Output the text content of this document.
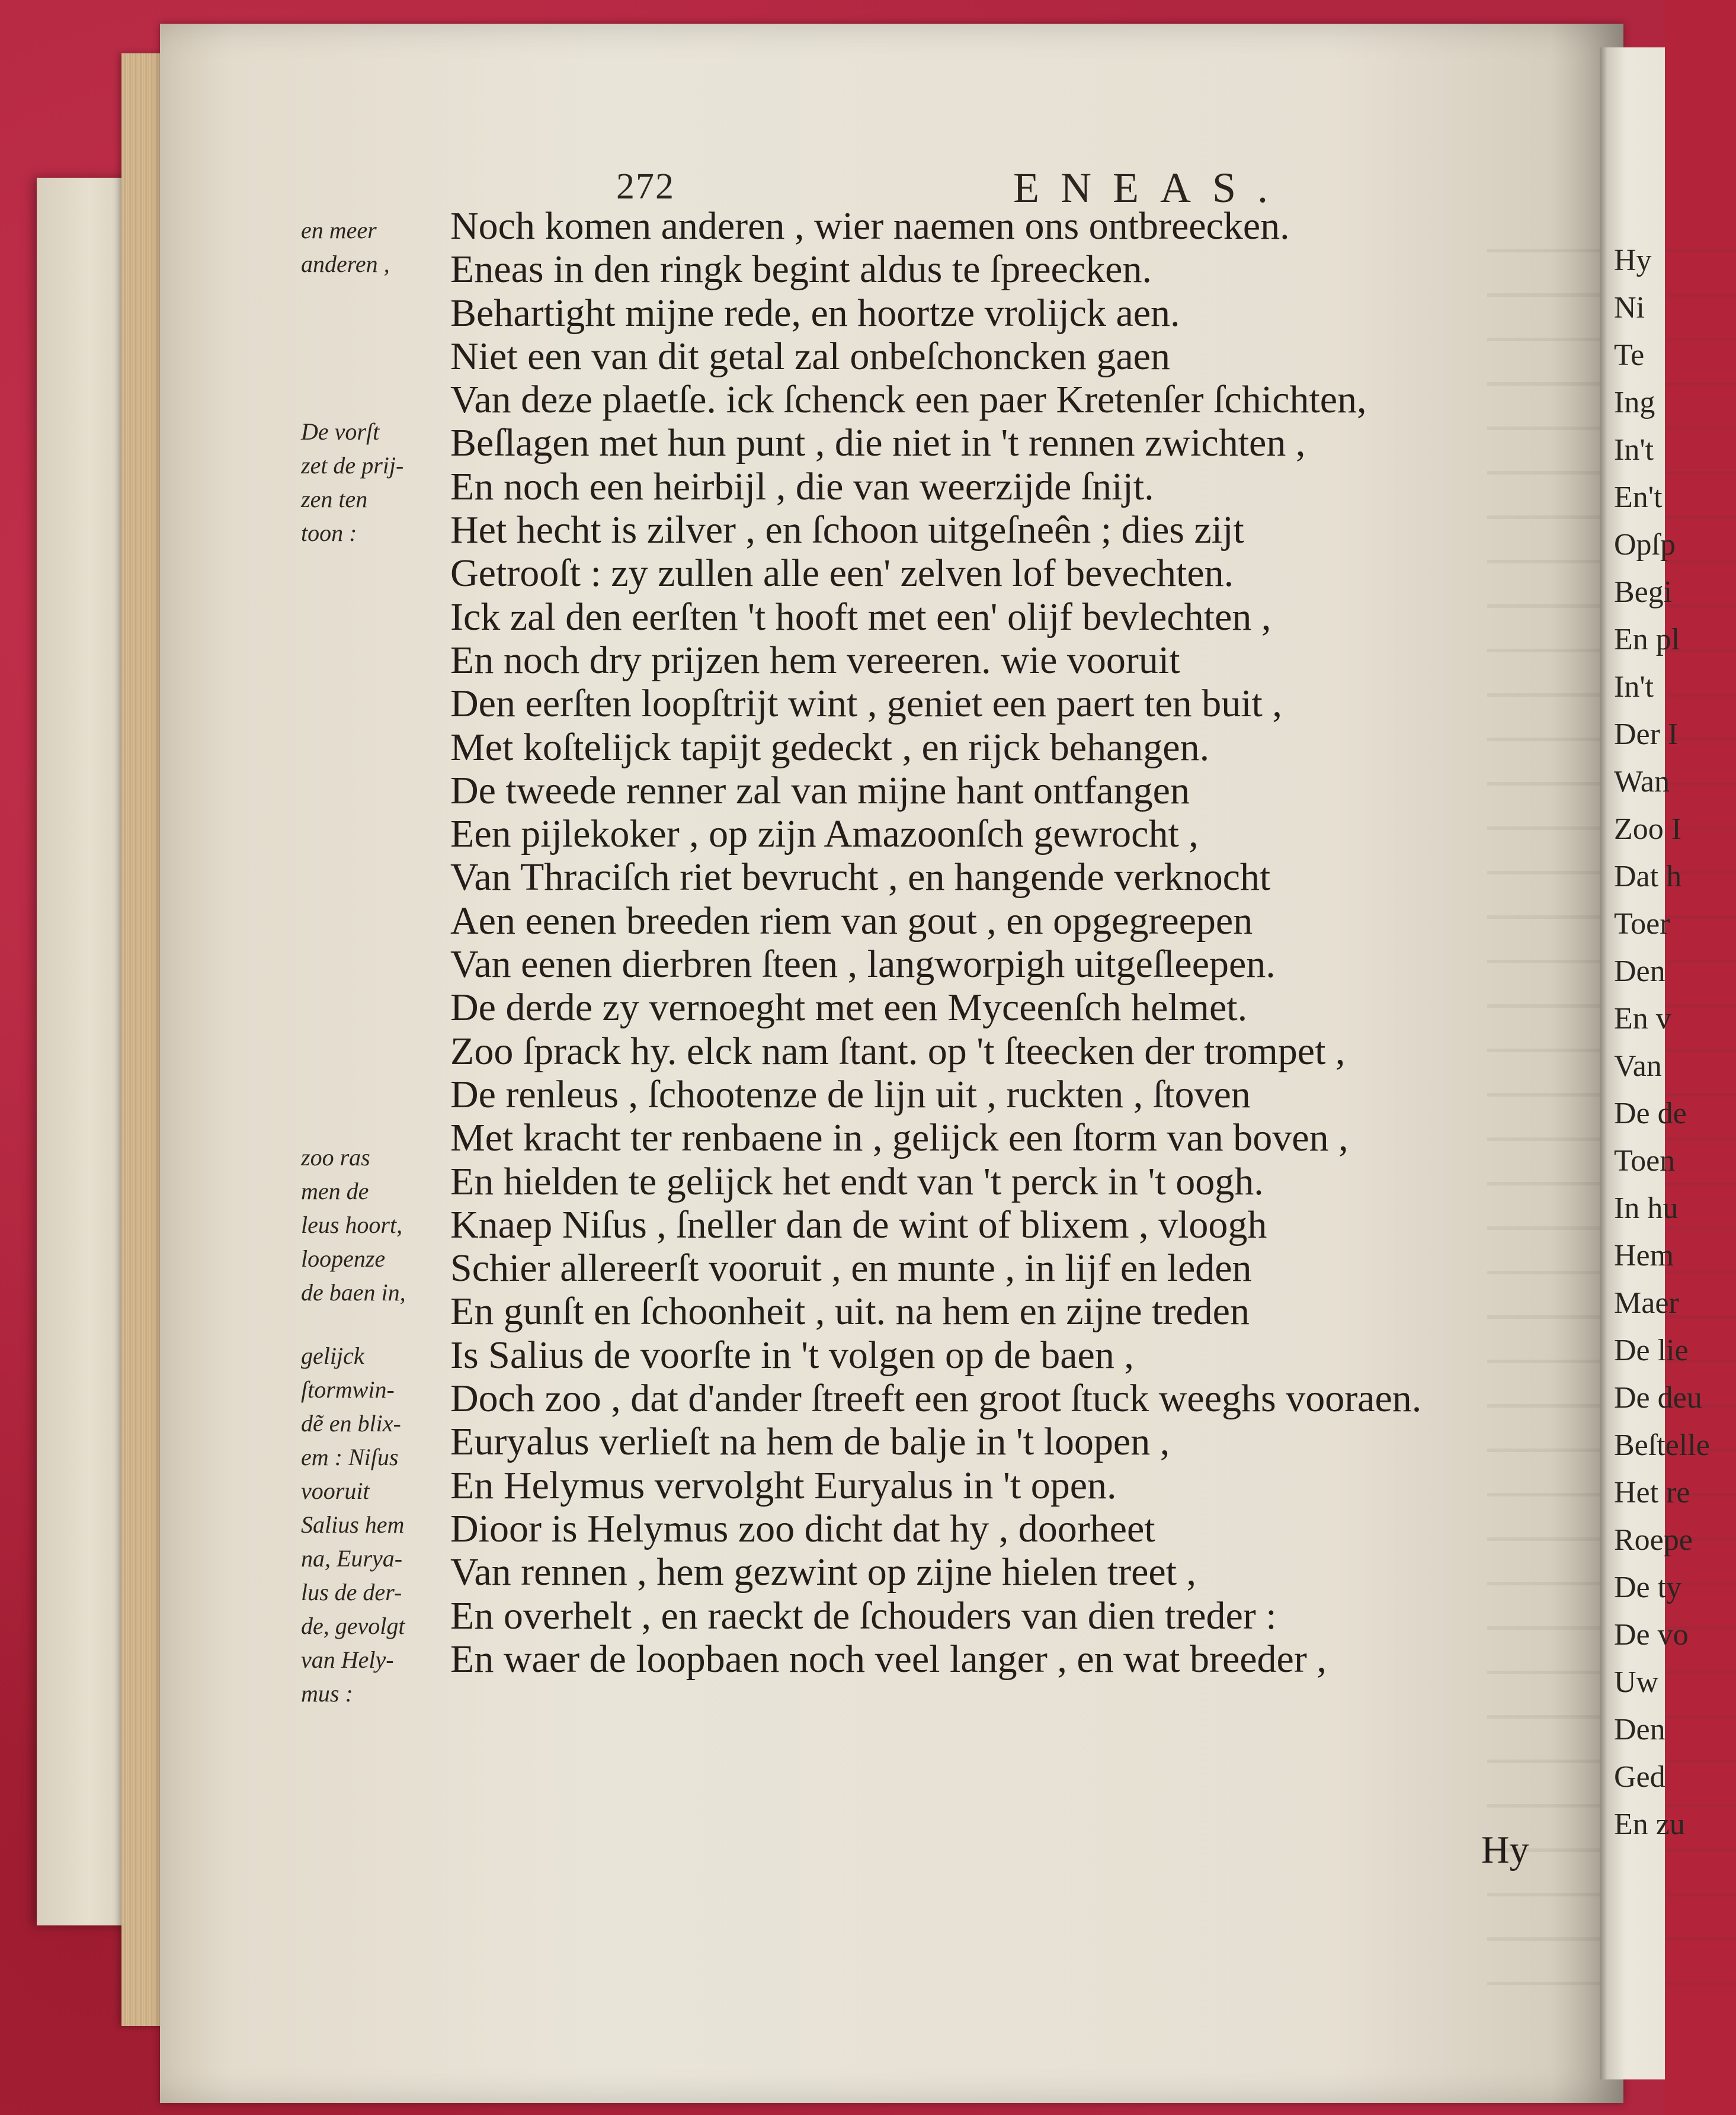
272	ENEAS.
en meer
anderen ,
De vorſt
zet de prij-
zen ten
toon :
zoo ras
men de
leus hoort,
loopenze
de baen in,
gelijck
ſtormwin-
dẽ en blix-
em : Niſus
vooruit
Salius hem
na, Eurya-
lus de der-
de, gevolgt
van Hely-
mus :
Noch komen anderen , wier naemen ons ontbreecken.
Eneas in den ringk begint aldus te ſpreecken.
Behartight mijne rede, en hoortze vrolijck aen.
Niet een van dit getal zal onbeſchoncken gaen
Van deze plaetſe. ick ſchenck een paer Kretenſer ſchichten,
Beſlagen met hun punt , die niet in 't rennen zwichten ,
En noch een heirbijl , die van weerzijde ſnijt.
Het hecht is zilver , en ſchoon uitgeſneên ; dies zijt
Getrooſt : zy zullen alle een' zelven lof bevechten.
Ick zal den eerſten 't hooft met een' olijf bevlechten ,
En noch dry prijzen hem vereeren. wie vooruit
Den eerſten loopſtrijt wint , geniet een paert ten buit ,
Met koſtelijck tapijt gedeckt , en rijck behangen.
De tweede renner zal van mijne hant ontfangen
Een pijlekoker , op zijn Amazoonſch gewrocht ,
Van Thraciſch riet bevrucht , en hangende verknocht
Aen eenen breeden riem van gout , en opgegreepen
Van eenen dierbren ſteen , langworpigh uitgeſleepen.
De derde zy vernoeght met een Myceenſch helmet.
Zoo ſprack hy. elck nam ſtant. op 't ſteecken der trompet ,
De renleus , ſchootenze de lijn uit , ruckten , ſtoven
Met kracht ter renbaene in , gelijck een ſtorm van boven ,
En hielden te gelijck het endt van 't perck in 't oogh.
Knaep Niſus , ſneller dan de wint of blixem , vloogh
Schier allereerſt vooruit , en munte , in lijf en leden
En gunſt en ſchoonheit , uit. na hem en zijne treden
Is Salius de voorſte in 't volgen op de baen ,
Doch zoo , dat d'ander ſtreeft een groot ſtuck weeghs vooraen.
Euryalus verlieſt na hem de balje in 't loopen ,
En Helymus vervolght Euryalus in 't open.
Dioor is Helymus zoo dicht dat hy , doorheet
Van rennen , hem gezwint op zijne hielen treet ,
En overhelt , en raeckt de ſchouders van dien treder :
En waer de loopbaen noch veel langer , en wat breeder ,
Hy
Hy
Ni
Te
Ing
In't
En't
Opſp
Begi
En pl
In't
Der I
Wan
Zoo I
Dat h
Toer
Den
En v
Van
De de
Toen
In hu
Hem
Maer
De lie
De deu
Beſtelle
Het re
Roepe
De ty
De vo
Uw
Den
Ged
En zu
